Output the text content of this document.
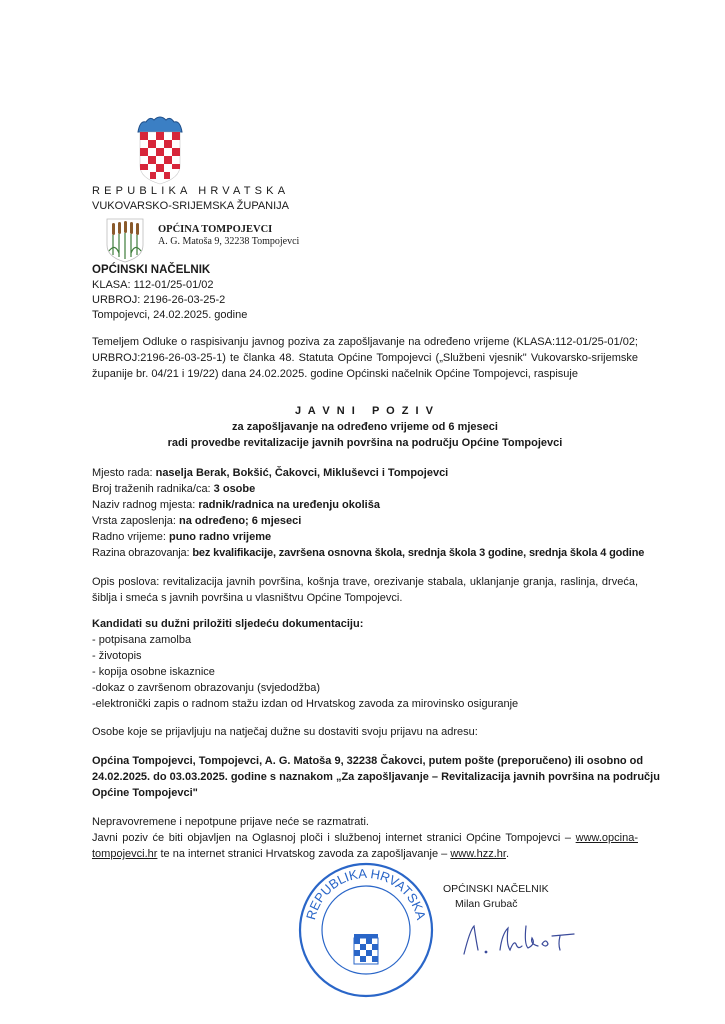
REPUBLIKA HRVATSKA
VUKOVARSKO-SRIJEMSKA ŽUPANIJA
OPĆINA TOMPOJEVCI
A. G. Matoša 9, 32238 Tompojevci
OPĆINSKI NAČELNIK
KLASA: 112-01/25-01/02
URBROJ: 2196-26-03-25-2
Tompojevci, 24.02.2025. godine
Temeljem Odluke o raspisivanju javnog poziva za zapošljavanje na određeno vrijeme (KLASA:112-01/25-01/02;
URBROJ:2196-26-03-25-1) te članka 48. Statuta Općine Tompojevci („Službeni vjesnik" Vukovarsko-srijemske
županije br. 04/21 i 19/22) dana 24.02.2025. godine Općinski načelnik Općine Tompojevci, raspisuje
J A V N I   P O Z I V
za zapošljavanje na određeno vrijeme od 6 mjeseci
radi provedbe revitalizacije javnih površina na području Općine Tompojevci
Mjesto rada: naselja Berak, Bokšić, Čakovci, Mikluševci i Tompojevci
Broj traženih radnika/ca: 3 osobe
Naziv radnog mjesta: radnik/radnica na uređenju okoliša
Vrsta zaposlenja: na određeno; 6 mjeseci
Radno vrijeme: puno radno vrijeme
Razina obrazovanja: bez kvalifikacije, završena osnovna škola, srednja škola 3 godine, srednja škola 4 godine
Opis poslova: revitalizacija javnih površina, košnja trave, orezivanje stabala, uklanjanje granja, raslinja, drveća,
šiblja i smeća s javnih površina u vlasništvu Općine Tompojevci.
Kandidati su dužni priložiti sljedeću dokumentaciju:
- potpisana zamolba
- životopis
- kopija osobne iskaznice
-dokaz o završenom obrazovanju (svjedodžba)
-elektronički zapis o radnom stažu izdan od Hrvatskog zavoda za mirovinsko osiguranje
Osobe koje se prijavljuju na natječaj dužne su dostaviti svoju prijavu na adresu:
Općina Tompojevci, Tompojevci, A. G. Matoša 9, 32238 Čakovci, putem pošte (preporučeno) ili osobno od
24.02.2025. do 03.03.2025. godine s naznakom „Za zapošljavanje – Revitalizacija javnih površina na području
Općine Tompojevci"
Nepravovremene i nepotpune prijave neće se razmatrati.
Javni poziv će biti objavljen na Oglasnoj ploči i službenoj internet stranici Općine Tompojevci – www.opcina-
tompojevci.hr te na internet stranici Hrvatskog zavoda za zapošljavanje – www.hzz.hr.
REPUBLIKA HRVATSKA
OPĆINSKI NAČELNIK
Milan Grubač
